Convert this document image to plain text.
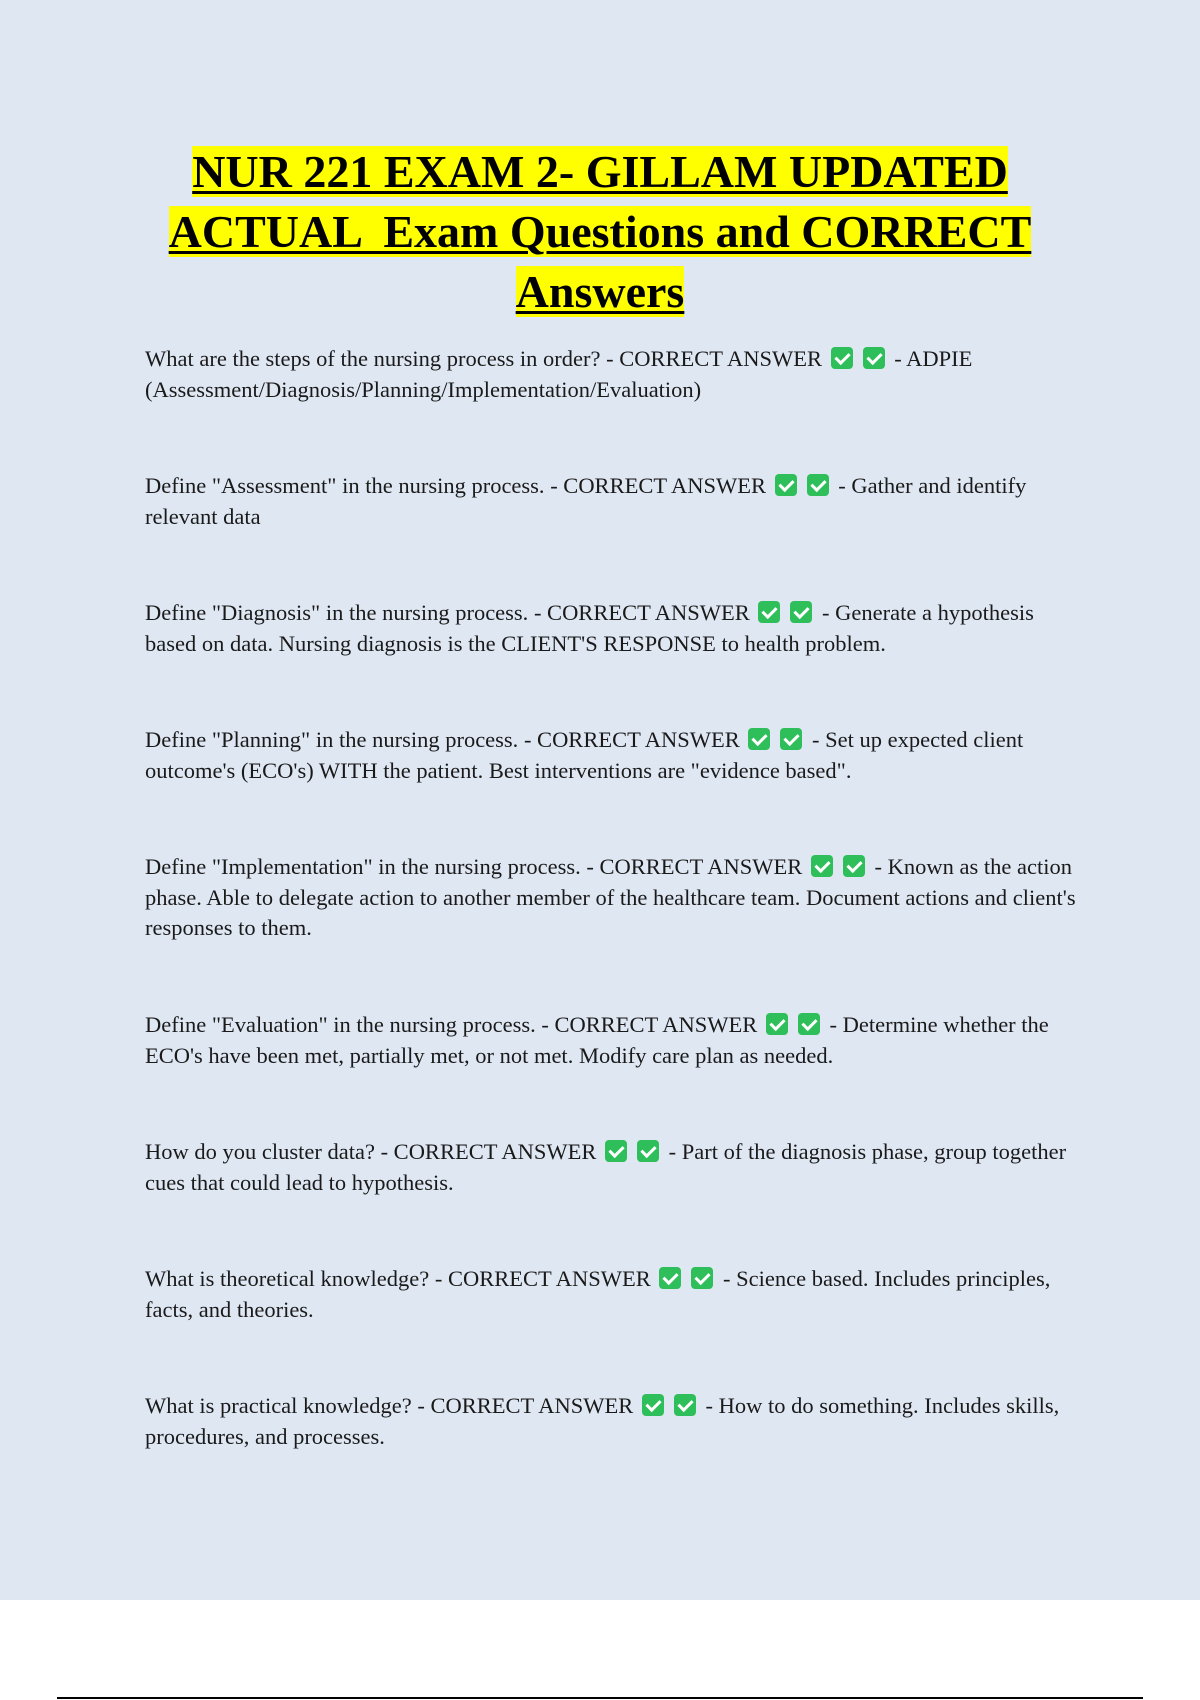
NUR 221 EXAM 2- GILLAM UPDATED
ACTUAL  Exam Questions and CORRECT
Answers
What are the steps of the nursing process in order? - CORRECT ANSWER	- ADPIE (Assessment/Diagnosis/Planning/Implementation/Evaluation)
Define "Assessment" in the nursing process. - CORRECT ANSWER	- Gather and identify relevant data
Define "Diagnosis" in the nursing process. - CORRECT ANSWER	- Generate a hypothesis based on data. Nursing diagnosis is the CLIENT'S RESPONSE to health problem.
Define "Planning" in the nursing process. - CORRECT ANSWER	- Set up expected client outcome's (ECO's) WITH the patient. Best interventions are "evidence based".
Define "Implementation" in the nursing process. - CORRECT ANSWER	- Known as the action phase. Able to delegate action to another member of the healthcare team. Document actions and client's responses to them.
Define "Evaluation" in the nursing process. - CORRECT ANSWER	- Determine whether the ECO's have been met, partially met, or not met. Modify care plan as needed.
How do you cluster data? - CORRECT ANSWER	- Part of the diagnosis phase, group together cues that could lead to hypothesis.
What is theoretical knowledge? - CORRECT ANSWER	- Science based. Includes principles, facts, and theories.
What is practical knowledge? - CORRECT ANSWER	- How to do something. Includes skills, procedures, and processes.
